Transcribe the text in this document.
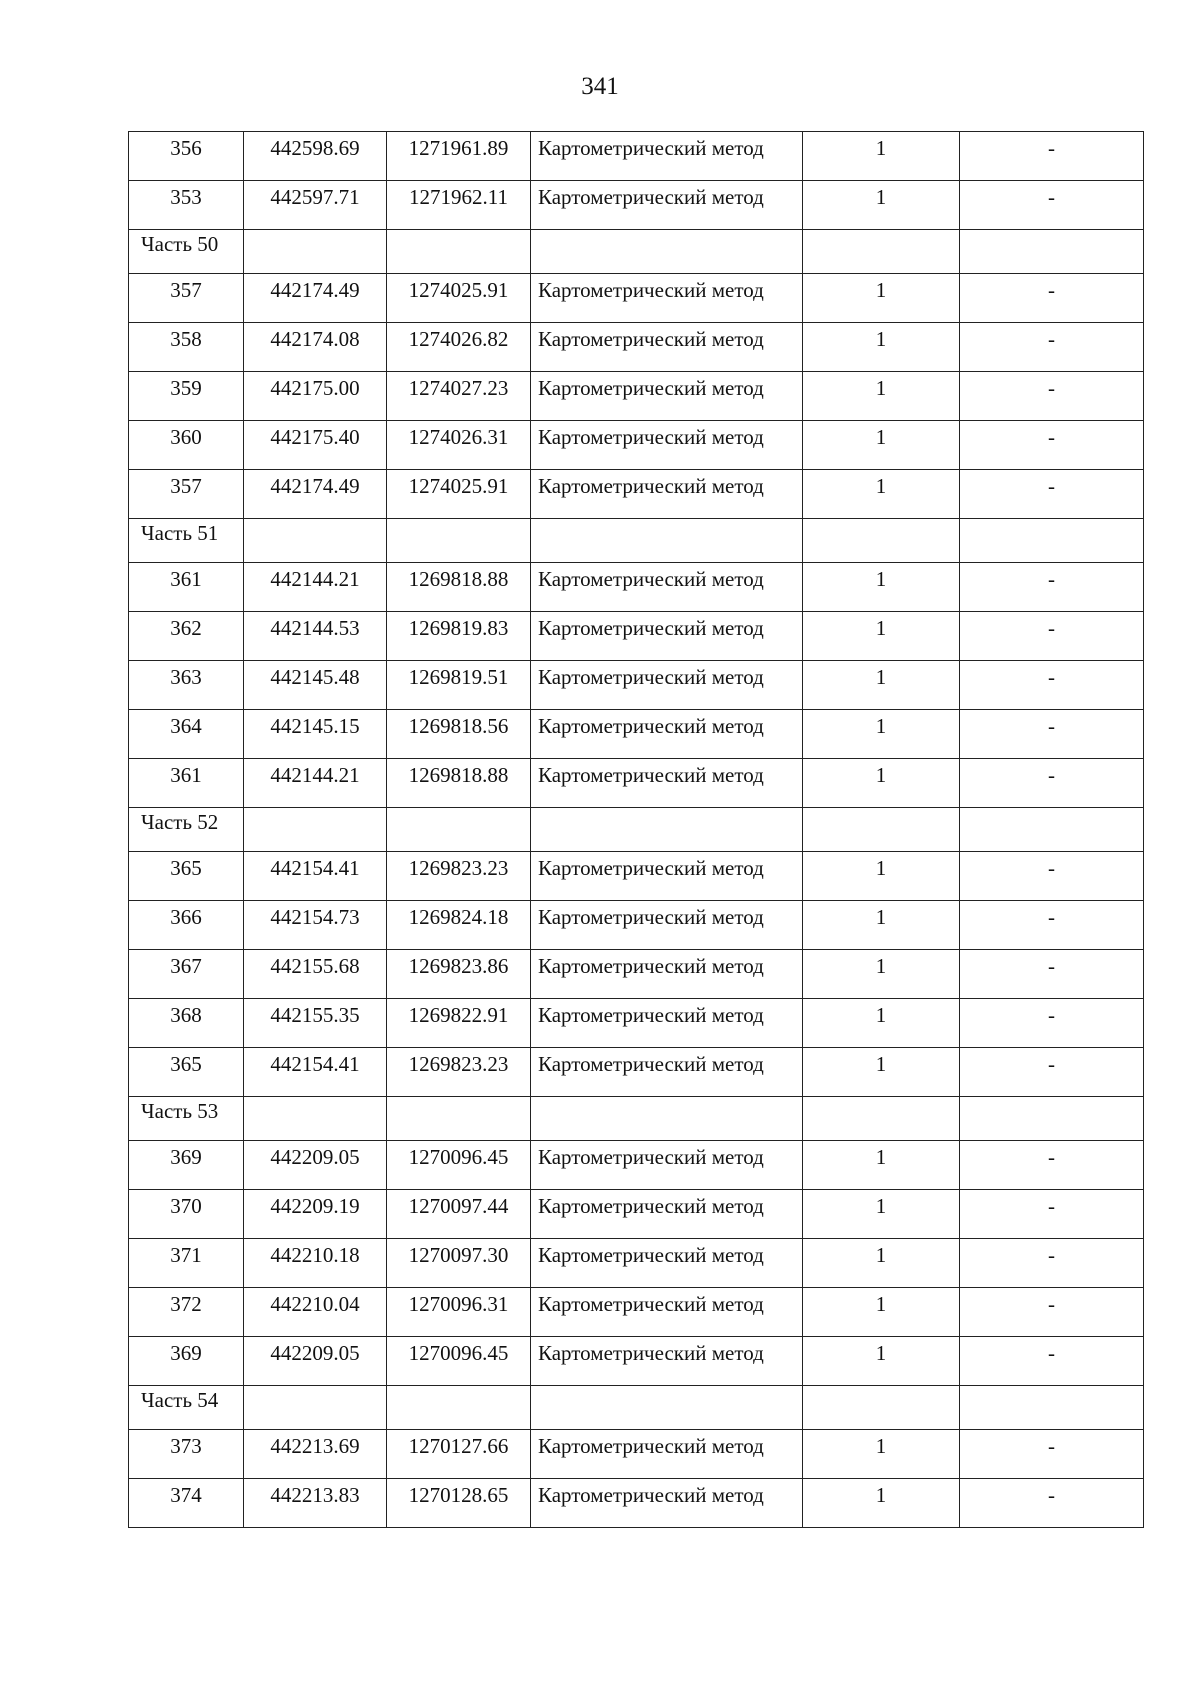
341
356	442598.69	1271961.89	Картометрический метод	1	-
353	442597.71	1271962.11	Картометрический метод	1	-
Часть 50					
357	442174.49	1274025.91	Картометрический метод	1	-
358	442174.08	1274026.82	Картометрический метод	1	-
359	442175.00	1274027.23	Картометрический метод	1	-
360	442175.40	1274026.31	Картометрический метод	1	-
357	442174.49	1274025.91	Картометрический метод	1	-
Часть 51					
361	442144.21	1269818.88	Картометрический метод	1	-
362	442144.53	1269819.83	Картометрический метод	1	-
363	442145.48	1269819.51	Картометрический метод	1	-
364	442145.15	1269818.56	Картометрический метод	1	-
361	442144.21	1269818.88	Картометрический метод	1	-
Часть 52					
365	442154.41	1269823.23	Картометрический метод	1	-
366	442154.73	1269824.18	Картометрический метод	1	-
367	442155.68	1269823.86	Картометрический метод	1	-
368	442155.35	1269822.91	Картометрический метод	1	-
365	442154.41	1269823.23	Картометрический метод	1	-
Часть 53					
369	442209.05	1270096.45	Картометрический метод	1	-
370	442209.19	1270097.44	Картометрический метод	1	-
371	442210.18	1270097.30	Картометрический метод	1	-
372	442210.04	1270096.31	Картометрический метод	1	-
369	442209.05	1270096.45	Картометрический метод	1	-
Часть 54					
373	442213.69	1270127.66	Картометрический метод	1	-
374	442213.83	1270128.65	Картометрический метод	1	-
